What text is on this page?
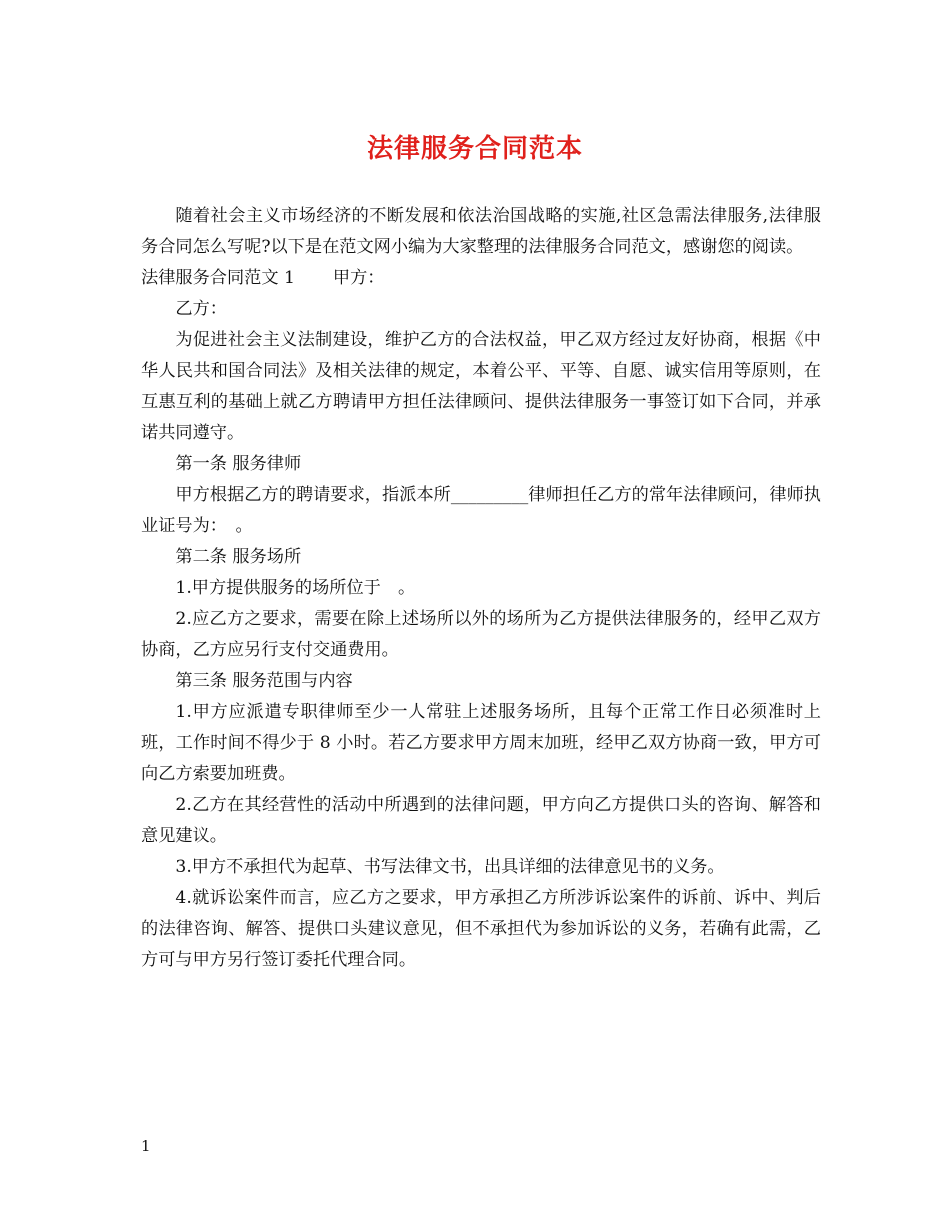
法律服务合同范本

随着社会主义市场经济的不断发展和依法治国战略的实施,社区急需法律服务,法律服务合同怎么写呢?以下是在范文网小编为大家整理的法律服务合同范文，感谢您的阅读。

法律服务合同范文 1 甲方：

乙方：

为促进社会主义法制建设，维护乙方的合法权益，甲乙双方经过友好协商，根据《中华人民共和国合同法》及相关法律的规定，本着公平、平等、自愿、诚实信用等原则，在互惠互利的基础上就乙方聘请甲方担任法律顾问、提供法律服务一事签订如下合同，并承诺共同遵守。

第一条 服务律师

甲方根据乙方的聘请要求，指派本所_________律师担任乙方的常年法律顾问，律师执业证号为：　。

第二条 服务场所

1.甲方提供服务的场所位于　。

2.应乙方之要求，需要在除上述场所以外的场所为乙方提供法律服务的，经甲乙双方协商，乙方应另行支付交通费用。

第三条 服务范围与内容

1.甲方应派遣专职律师至少一人常驻上述服务场所，且每个正常工作日必须准时上班，工作时间不得少于 8 小时。若乙方要求甲方周末加班，经甲乙双方协商一致，甲方可向乙方索要加班费。

2.乙方在其经营性的活动中所遇到的法律问题，甲方向乙方提供口头的咨询、解答和意见建议。

3.甲方不承担代为起草、书写法律文书，出具详细的法律意见书的义务。

4.就诉讼案件而言，应乙方之要求，甲方承担乙方所涉诉讼案件的诉前、诉中、判后的法律咨询、解答、提供口头建议意见，但不承担代为参加诉讼的义务，若确有此需，乙方可与甲方另行签订委托代理合同。

1
